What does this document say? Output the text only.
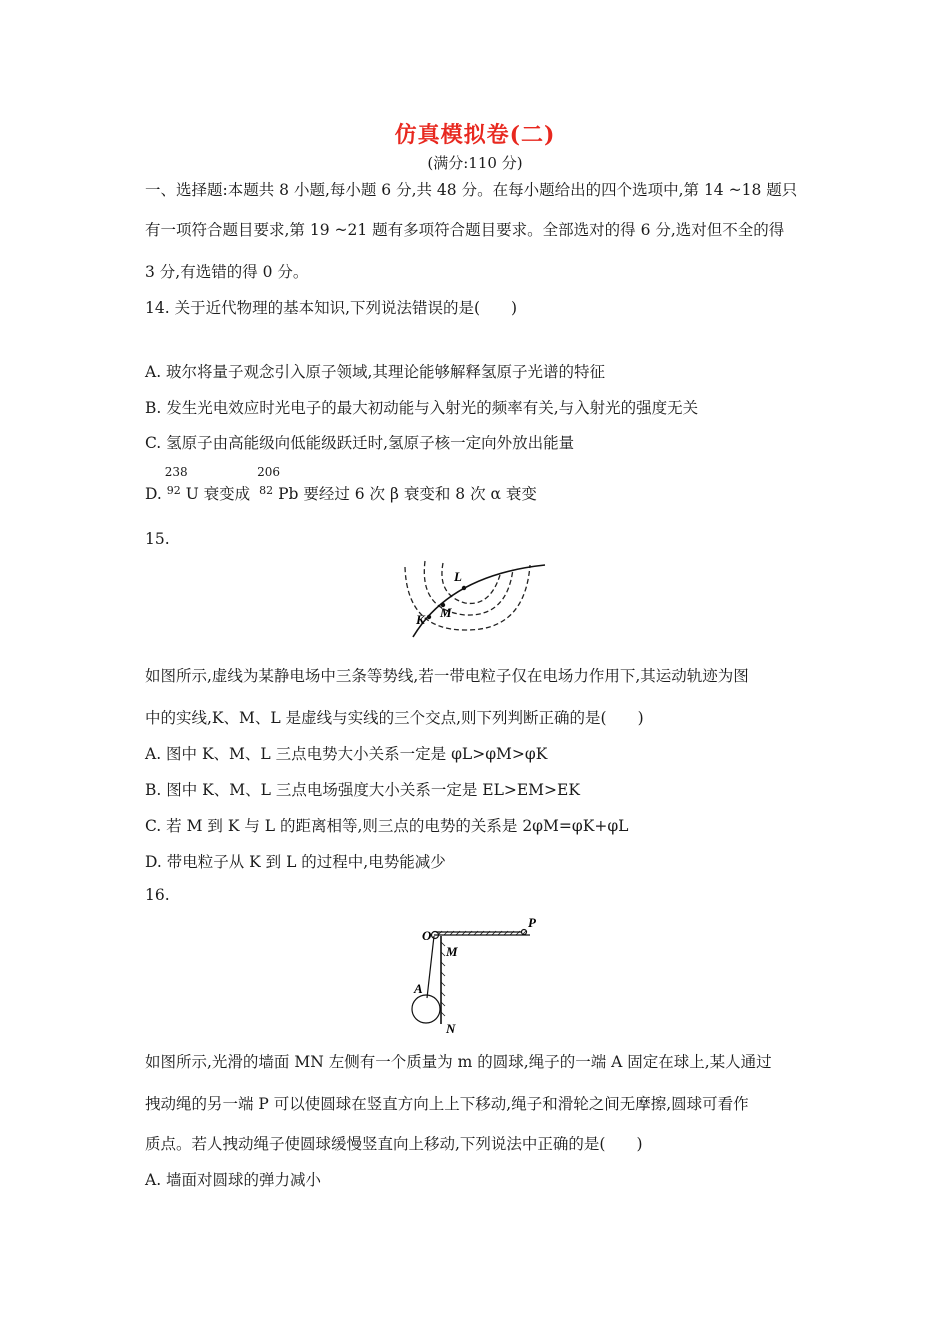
仿真模拟卷(二)
(满分:110 分)
一、选择题:本题共 8 小题,每小题 6 分,共 48 分。在每小题给出的四个选项中,第 14 ~18 题只
有一项符合题目要求,第 19 ~21 题有多项符合题目要求。全部选对的得 6 分,选对但不全的得
3 分,有选错的得 0 分。
14. 关于近代物理的基本知识,下列说法错误的是(　　)
A. 玻尔将量子观念引入原子领域,其理论能够解释氢原子光谱的特征
B. 发生光电效应时光电子的最大初动能与入射光的频率有关,与入射光的强度无关
C. 氢原子由高能级向低能级跃迁时,氢原子核一定向外放出能量
D.
238
$^{92}$ U 衰变成
206
$^{82}$ Pb 要经过 6 次 β 衰变和 8 次 α 衰变
15.
L
M
K
如图所示,虚线为某静电场中三条等势线,若一带电粒子仅在电场力作用下,其运动轨迹为图
中的实线,K、M、L 是虚线与实线的三个交点,则下列判断正确的是(　　)
A. 图中 K、M、L 三点电势大小关系一定是 φL>φM>φK
B. 图中 K、M、L 三点电场强度大小关系一定是 EL>EM>EK
C. 若 M 到 K 与 L 的距离相等,则三点的电势的关系是 2φM=φK+φL
D. 带电粒子从 K 到 L 的过程中,电势能减少
16.
O
P
M
A
N
如图所示,光滑的墙面 MN 左侧有一个质量为 m 的圆球,绳子的一端 A 固定在球上,某人通过
拽动绳的另一端 P 可以使圆球在竖直方向上上下移动,绳子和滑轮之间无摩擦,圆球可看作
质点。若人拽动绳子使圆球缓慢竖直向上移动,下列说法中正确的是(　　)
A. 墙面对圆球的弹力减小
